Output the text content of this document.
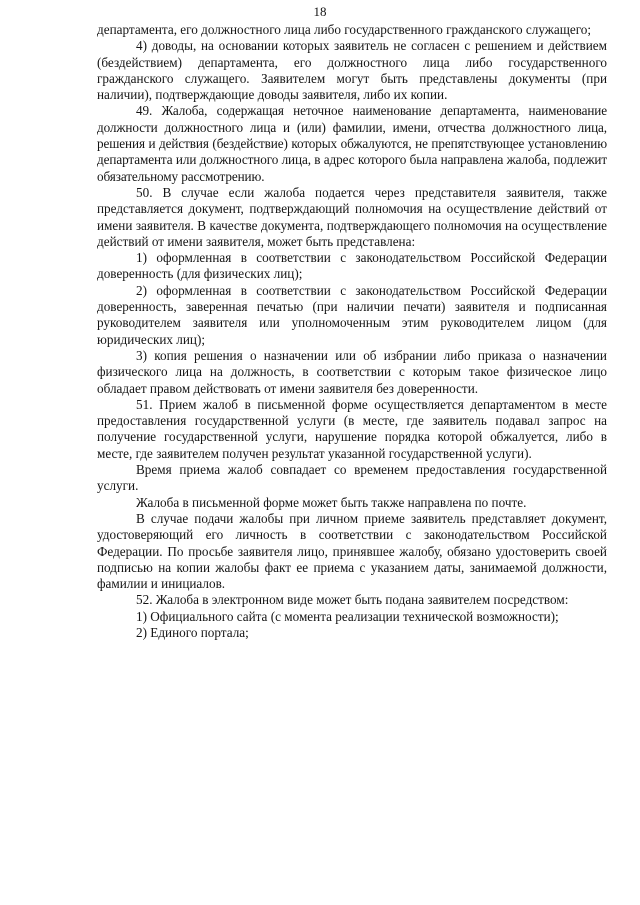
18

департамента, его должностного лица либо государственного гражданского служащего;

4) доводы, на основании которых заявитель не согласен с решением и действием (бездействием) департамента, его должностного лица либо государственного гражданского служащего. Заявителем могут быть представлены документы (при наличии), подтверждающие доводы заявителя, либо их копии.

49. Жалоба, содержащая неточное наименование департамента, наименование должности должностного лица и (или) фамилии, имени, отчества должностного лица, решения и действия (бездействие) которых обжалуются, не препятствующее установлению департамента или должностного лица, в адрес которого была направлена жалоба, подлежит обязательному рассмотрению.

50. В случае если жалоба подается через представителя заявителя, также представляется документ, подтверждающий полномочия на осуществление действий от имени заявителя. В качестве документа, подтверждающего полномочия на осуществление действий от имени заявителя, может быть представлена:

1) оформленная в соответствии с законодательством Российской Федерации доверенность (для физических лиц);

2) оформленная в соответствии с законодательством Российской Федерации доверенность, заверенная печатью (при наличии печати) заявителя и подписанная руководителем заявителя или уполномоченным этим руководителем лицом (для юридических лиц);

3) копия решения о назначении или об избрании либо приказа о назначении физического лица на должность, в соответствии с которым такое физическое лицо обладает правом действовать от имени заявителя без доверенности.

51. Прием жалоб в письменной форме осуществляется департаментом в месте предоставления государственной услуги (в месте, где заявитель подавал запрос на получение государственной услуги, нарушение порядка которой обжалуется, либо в месте, где заявителем получен результат указанной государственной услуги).

Время приема жалоб совпадает со временем предоставления государственной услуги.

Жалоба в письменной форме может быть также направлена по почте.

В случае подачи жалобы при личном приеме заявитель представляет документ, удостоверяющий его личность в соответствии с законодательством Российской Федерации. По просьбе заявителя лицо, принявшее жалобу, обязано удостоверить своей подписью на копии жалобы факт ее приема с указанием даты, занимаемой должности, фамилии и инициалов.

52. Жалоба в электронном виде может быть подана заявителем посредством:

1) Официального сайта (с момента реализации технической возможности);

2) Единого портала;
